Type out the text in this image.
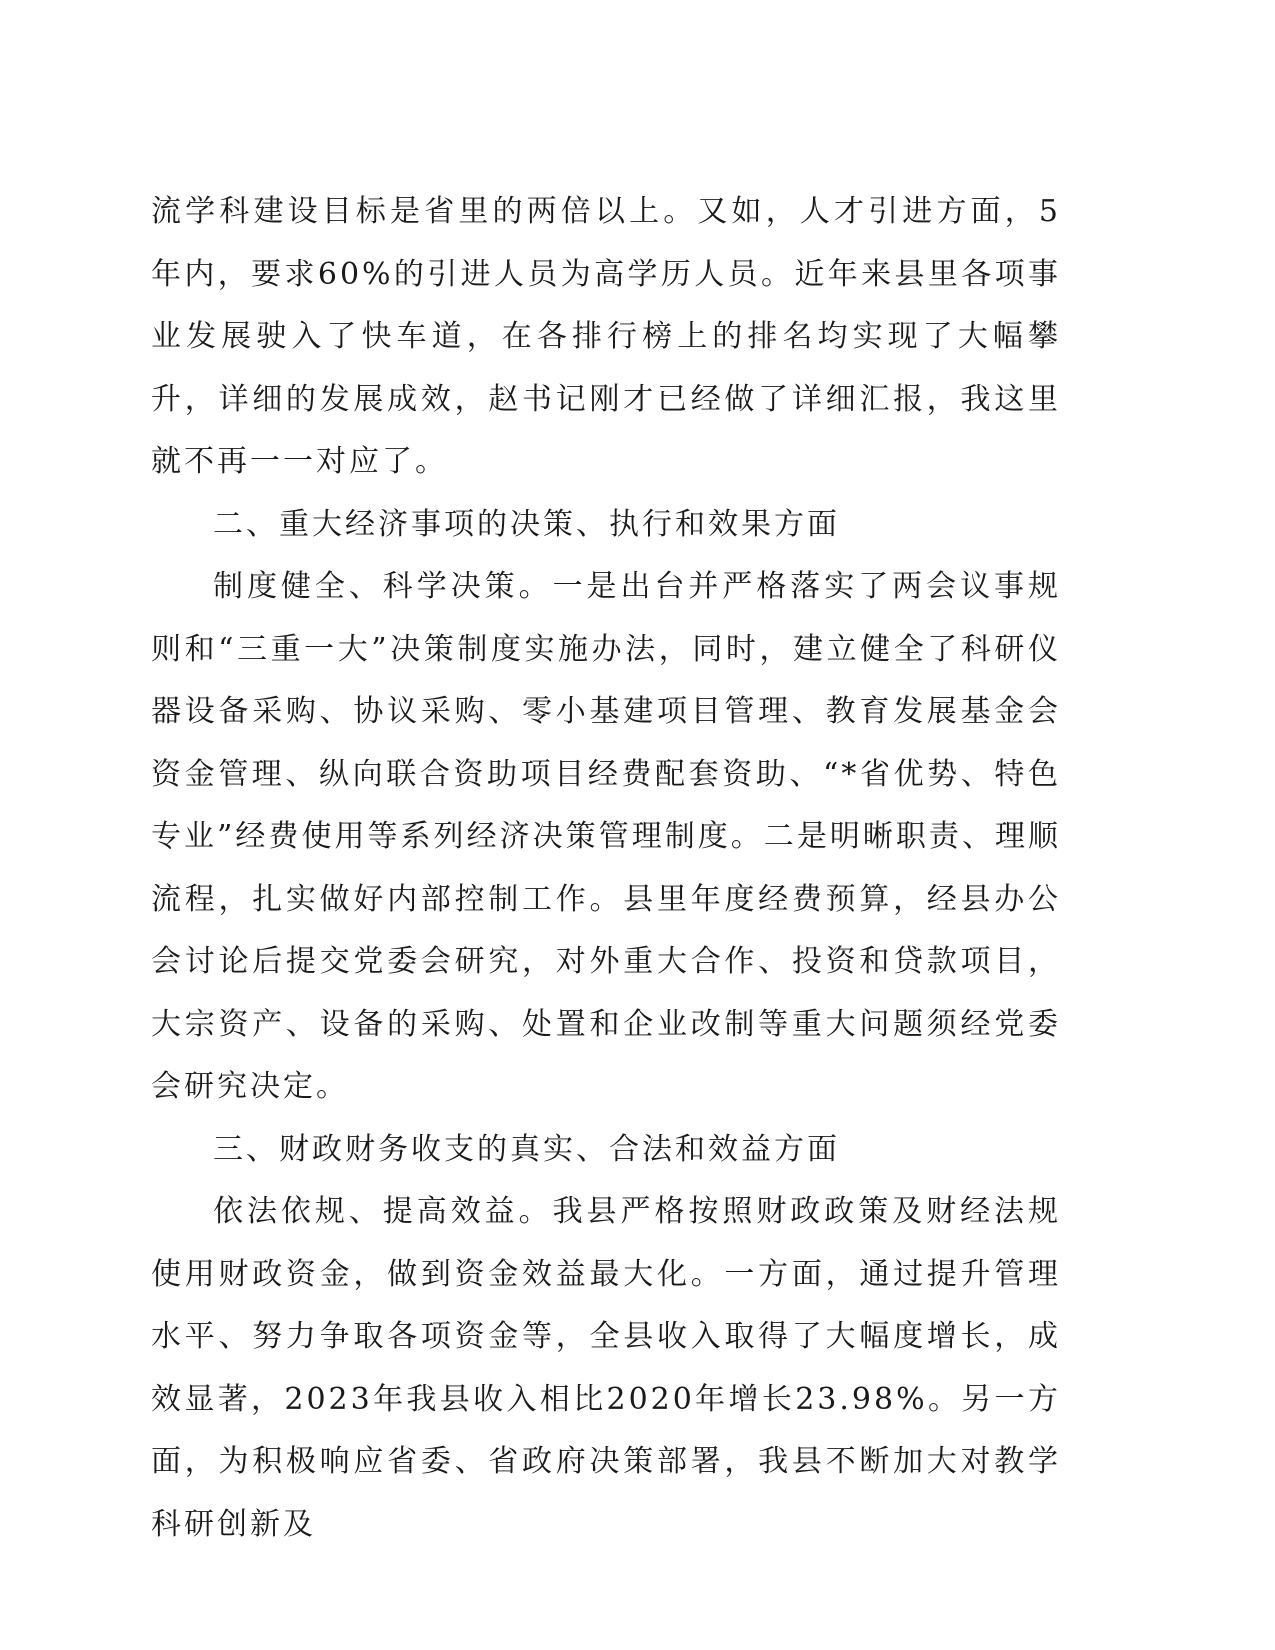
流学科建设目标是省里的两倍以上。又如，人才引进方面，5年内，要求60%的引进人员为高学历人员。近年来县里各项事业发展驶入了快车道，在各排行榜上的排名均实现了大幅攀升，详细的发展成效，赵书记刚才已经做了详细汇报，我这里就不再一一对应了。

二、重大经济事项的决策、执行和效果方面

制度健全、科学决策。一是出台并严格落实了两会议事规则和“三重一大”决策制度实施办法，同时，建立健全了科研仪器设备采购、协议采购、零小基建项目管理、教育发展基金会资金管理、纵向联合资助项目经费配套资助、“*省优势、特色专业”经费使用等系列经济决策管理制度。二是明晰职责、理顺流程，扎实做好内部控制工作。县里年度经费预算，经县办公会讨论后提交党委会研究，对外重大合作、投资和贷款项目，大宗资产、设备的采购、处置和企业改制等重大问题须经党委会研究决定。

三、财政财务收支的真实、合法和效益方面

依法依规、提高效益。我县严格按照财政政策及财经法规使用财政资金，做到资金效益最大化。一方面，通过提升管理水平、努力争取各项资金等，全县收入取得了大幅度增长，成效显著，2023年我县收入相比2020年增长23.98%。另一方面，为积极响应省委、省政府决策部署，我县不断加大对教学科研创新及
